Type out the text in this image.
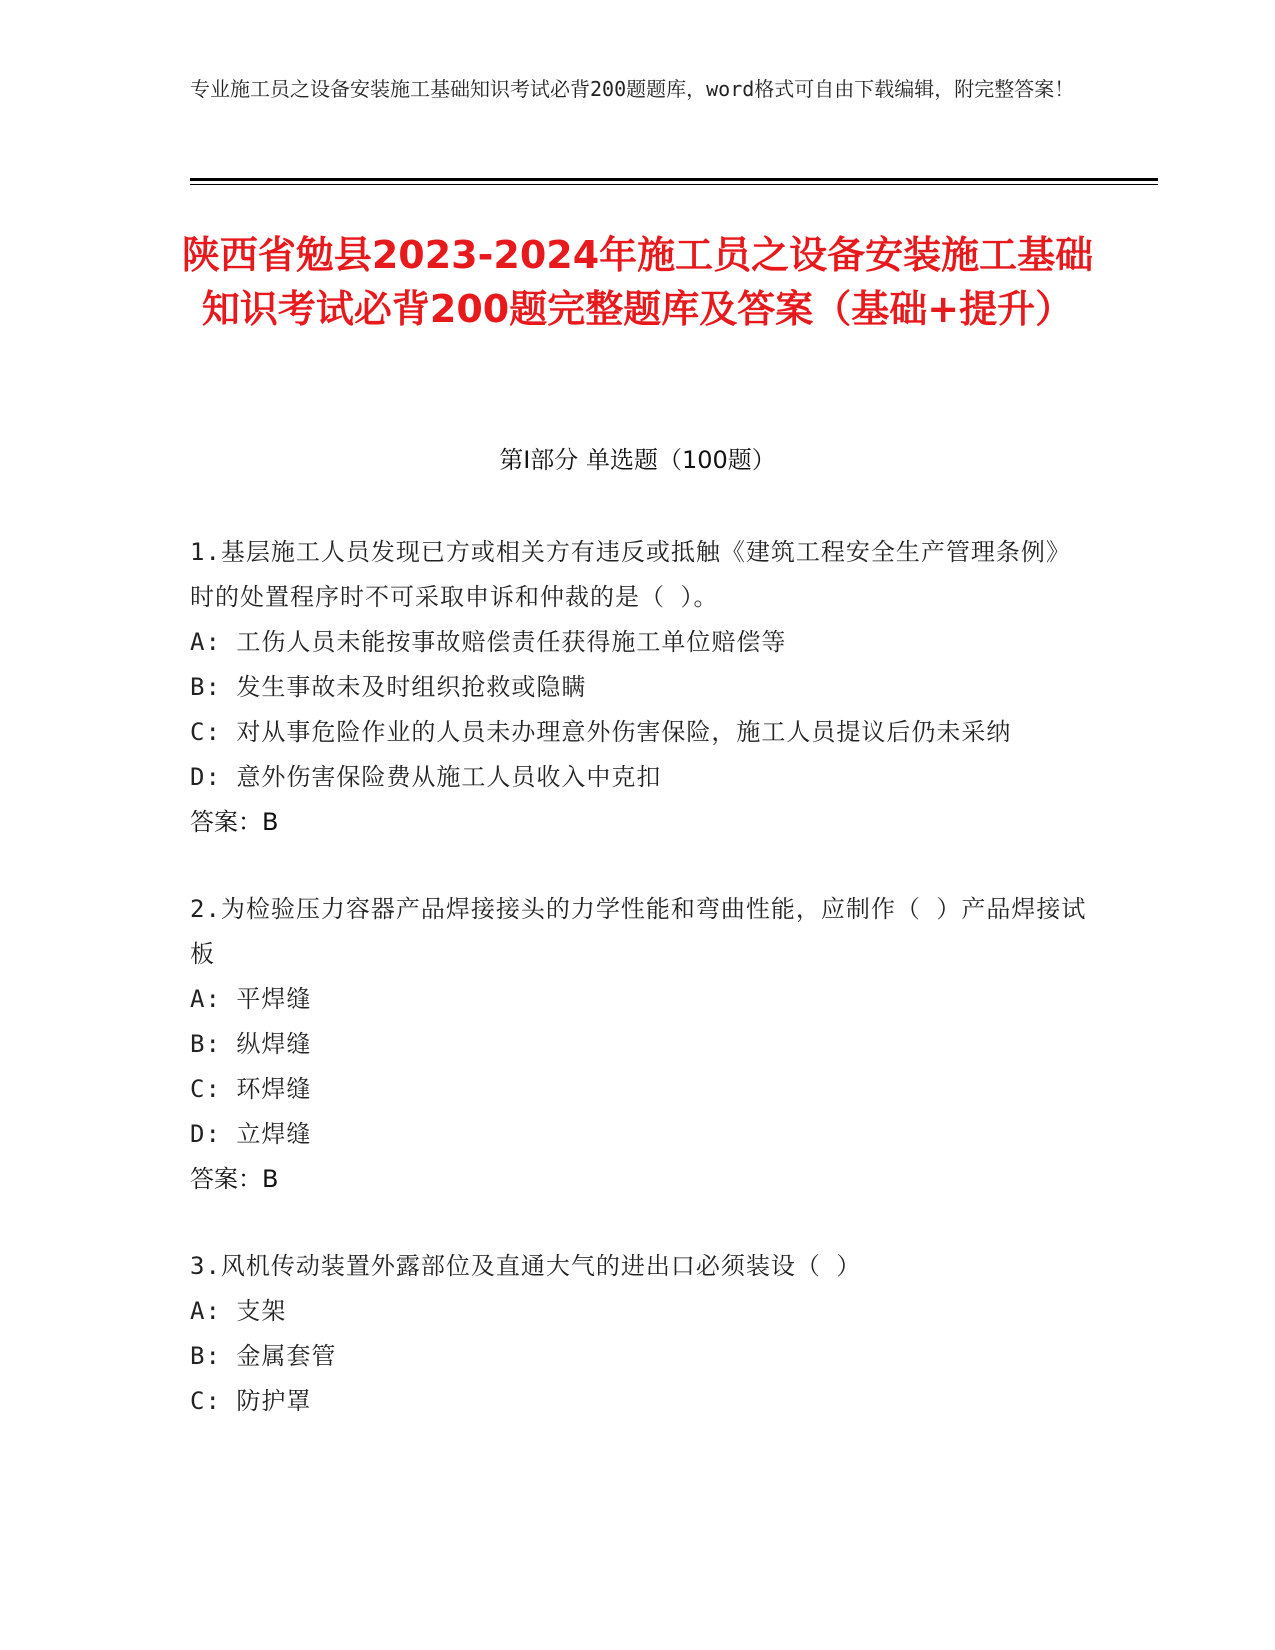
专业施工员之设备安装施工基础知识考试必背200题题库，word格式可自由下载编辑，附完整答案！
陕西省勉县2023-2024年施工员之设备安装施工基础知识考试必背200题完整题库及答案（基础+提升）
第Ⅰ部分 单选题（100题）
1.基层施工人员发现已方或相关方有违反或抵触《建筑工程安全生产管理条例》时的处置程序时不可采取申诉和仲裁的是（ ）。
A: 工伤人员未能按事故赔偿责任获得施工单位赔偿等
B: 发生事故未及时组织抢救或隐瞒
C: 对从事危险作业的人员未办理意外伤害保险，施工人员提议后仍未采纳
D: 意外伤害保险费从施工人员收入中克扣
答案：B
2.为检验压力容器产品焊接接头的力学性能和弯曲性能，应制作（ ）产品焊接试板
A: 平焊缝
B: 纵焊缝
C: 环焊缝
D: 立焊缝
答案：B
3.风机传动装置外露部位及直通大气的进出口必须装设（ ）
A: 支架
B: 金属套管
C: 防护罩
